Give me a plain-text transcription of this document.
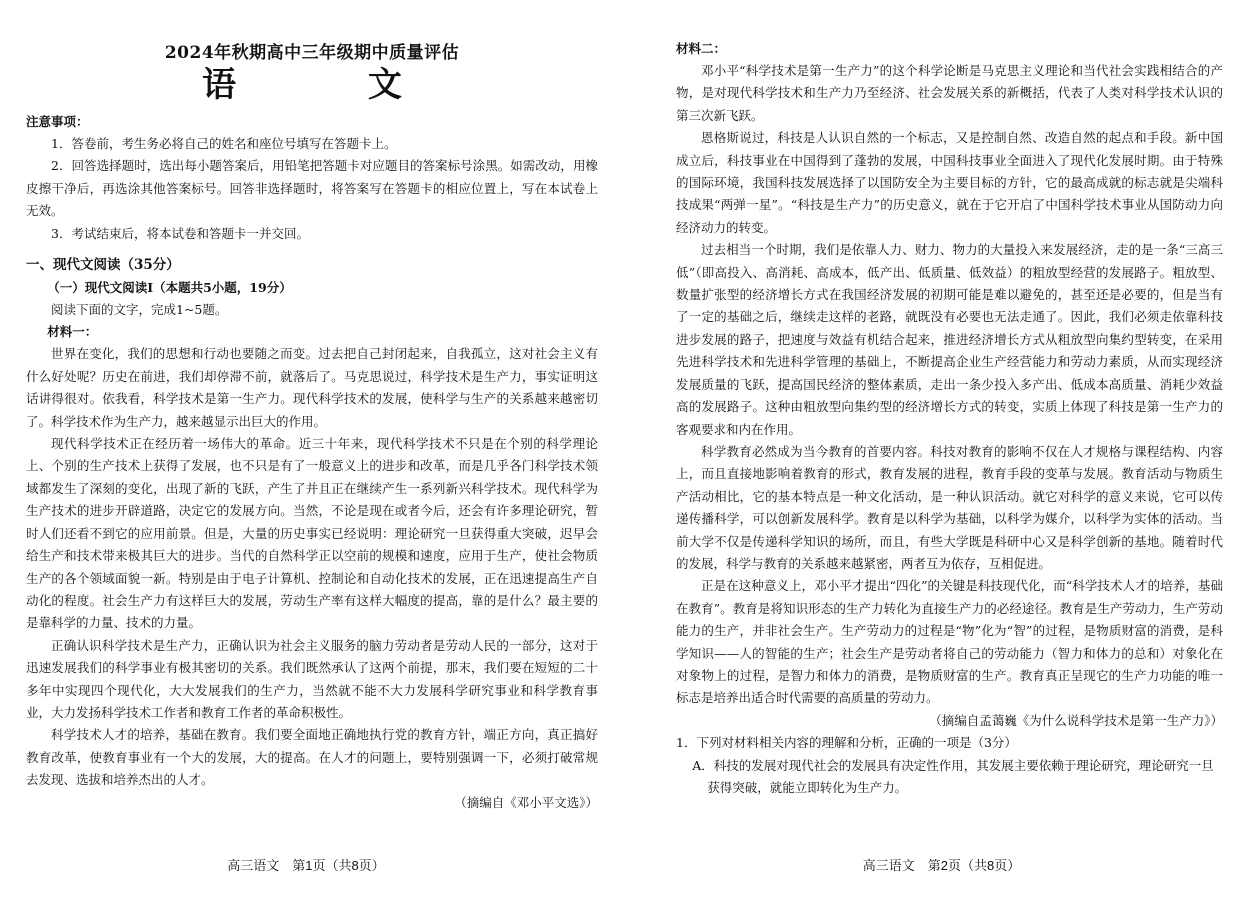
2024年秋期高中三年级期中质量评估
语 文
注意事项：

1．答卷前，考生务必将自己的姓名和座位号填写在答题卡上。

2．回答选择题时，选出每小题答案后，用铅笔把答题卡对应题目的答案标号涂黑。如需改动，用橡皮擦干净后，再选涂其他答案标号。回答非选择题时，将答案写在答题卡的相应位置上，写在本试卷上无效。

3．考试结束后，将本试卷和答题卡一并交回。

一、现代文阅读（35分）
（一）现代文阅读Ⅰ（本题共5小题，19分）

阅读下面的文字，完成1~5题。

材料一：

世界在变化，我们的思想和行动也要随之而变。过去把自己封闭起来，自我孤立，这对社会主义有什么好处呢？历史在前进，我们却停滞不前，就落后了。马克思说过，科学技术是生产力，事实证明这话讲得很对。依我看，科学技术是第一生产力。现代科学技术的发展，使科学与生产的关系越来越密切了。科学技术作为生产力，越来越显示出巨大的作用。

现代科学技术正在经历着一场伟大的革命。近三十年来，现代科学技术不只是在个别的科学理论上、个别的生产技术上获得了发展，也不只是有了一般意义上的进步和改革，而是几乎各门科学技术领域都发生了深刻的变化，出现了新的飞跃，产生了并且正在继续产生一系列新兴科学技术。现代科学为生产技术的进步开辟道路，决定它的发展方向。当然，不论是现在或者今后，还会有许多理论研究，暂时人们还看不到它的应用前景。但是，大量的历史事实已经说明：理论研究一旦获得重大突破，迟早会给生产和技术带来极其巨大的进步。当代的自然科学正以空前的规模和速度，应用于生产，使社会物质生产的各个领域面貌一新。特别是由于电子计算机、控制论和自动化技术的发展，正在迅速提高生产自动化的程度。社会生产力有这样巨大的发展，劳动生产率有这样大幅度的提高，靠的是什么？最主要的是靠科学的力量、技术的力量。

正确认识科学技术是生产力，正确认识为社会主义服务的脑力劳动者是劳动人民的一部分，这对于迅速发展我们的科学事业有极其密切的关系。我们既然承认了这两个前提，那末，我们要在短短的二十多年中实现四个现代化，大大发展我们的生产力，当然就不能不大力发展科学研究事业和科学教育事业，大力发扬科学技术工作者和教育工作者的革命积极性。

科学技术人才的培养，基础在教育。我们要全面地正确地执行党的教育方针，端正方向，真正搞好教育改革，使教育事业有一个大的发展，大的提高。在人才的问题上，要特别强调一下，必须打破常规去发现、选拔和培养杰出的人才。

（摘编自《邓小平文选》）
高三语文　第1页（共8页）
材料二：

邓小平“科学技术是第一生产力”的这个科学论断是马克思主义理论和当代社会实践相结合的产物，是对现代科学技术和生产力乃至经济、社会发展关系的新概括，代表了人类对科学技术认识的第三次新飞跃。

恩格斯说过，科技是人认识自然的一个标志，又是控制自然、改造自然的起点和手段。新中国成立后，科技事业在中国得到了蓬勃的发展，中国科技事业全面进入了现代化发展时期。由于特殊的国际环境，我国科技发展选择了以国防安全为主要目标的方针，它的最高成就的标志就是尖端科技成果“两弹一星”。“科技是生产力”的历史意义，就在于它开启了中国科学技术事业从国防动力向经济动力的转变。

过去相当一个时期，我们是依靠人力、财力、物力的大量投入来发展经济，走的是一条“三高三低”（即高投入、高消耗、高成本，低产出、低质量、低效益）的粗放型经营的发展路子。粗放型、数量扩张型的经济增长方式在我国经济发展的初期可能是难以避免的，甚至还是必要的，但是当有了一定的基础之后，继续走这样的老路，就既没有必要也无法走通了。因此，我们必须走依靠科技进步发展的路子，把速度与效益有机结合起来，推进经济增长方式从粗放型向集约型转变，在采用先进科学技术和先进科学管理的基础上，不断提高企业生产经营能力和劳动力素质，从而实现经济发展质量的飞跃，提高国民经济的整体素质，走出一条少投入多产出、低成本高质量、消耗少效益高的发展路子。这种由粗放型向集约型的经济增长方式的转变，实质上体现了科技是第一生产力的客观要求和内在作用。

科学教育必然成为当今教育的首要内容。科技对教育的影响不仅在人才规格与课程结构、内容上，而且直接地影响着教育的形式，教育发展的进程，教育手段的变革与发展。教育活动与物质生产活动相比，它的基本特点是一种文化活动，是一种认识活动。就它对科学的意义来说，它可以传递传播科学，可以创新发展科学。教育是以科学为基础，以科学为媒介，以科学为实体的活动。当前大学不仅是传递科学知识的场所，而且，有些大学既是科研中心又是科学创新的基地。随着时代的发展，科学与教育的关系越来越紧密，两者互为依存，互相促进。

正是在这种意义上，邓小平才提出“四化”的关键是科技现代化，而“科学技术人才的培养，基础在教育”。教育是将知识形态的生产力转化为直接生产力的必经途径。教育是生产劳动力，生产劳动能力的生产，并非社会生产。生产劳动力的过程是“物”化为“智”的过程，是物质财富的消费，是科学知识——人的智能的生产；社会生产是劳动者将自己的劳动能力（智力和体力的总和）对象化在对象物上的过程，是智力和体力的消费，是物质财富的生产。教育真正呈现它的生产力功能的唯一标志是培养出适合时代需要的高质量的劳动力。

（摘编自孟蔼巍《为什么说科学技术是第一生产力》）
1．下列对材料相关内容的理解和分析，正确的一项是（3分）
A．科技的发展对现代社会的发展具有决定性作用，其发展主要依赖于理论研究，理论研究一旦获得突破，就能立即转化为生产力。
高三语文　第2页（共8页）
